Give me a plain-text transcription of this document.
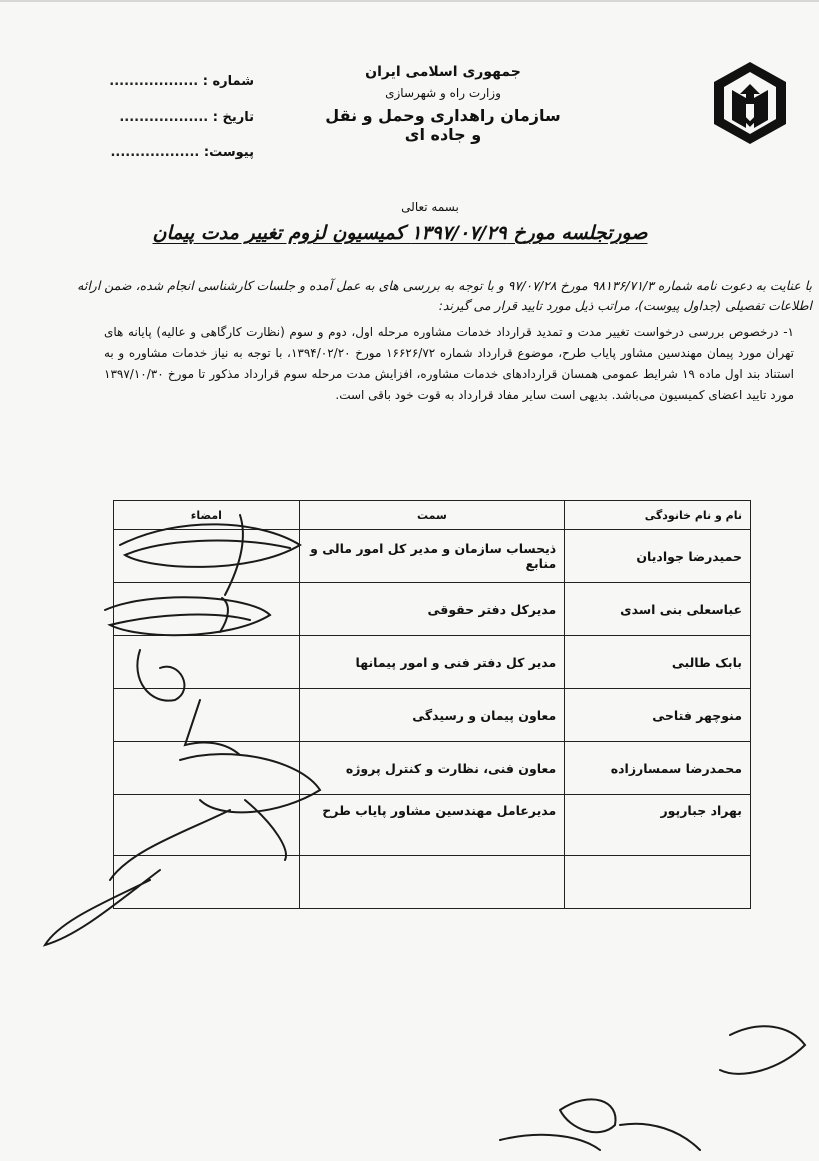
جمهوری اسلامی ایران
وزارت راه و شهرسازی
سازمان راهداری وحمل و نقل و جاده ای
شماره : ..................
تاریخ : ..................
پیوست: ..................
بسمه تعالی
صورتجلسه مورخ ۱۳۹۷/۰۷/۲۹ کمیسیون لزوم تغییر مدت پیمان
با عنایت به دعوت نامه شماره ۹۸۱۳۶/۷۱/۳ مورخ ۹۷/۰۷/۲۸ و با توجه به بررسی های به عمل آمده و جلسات کارشناسی انجام شده، ضمن ارائه اطلاعات تفصیلی (جداول پیوست)، مراتب ذیل مورد تایید قرار می گیرند:
۱- درخصوص بررسی درخواست تغییر مدت و تمدید قرارداد خدمات مشاوره مرحله اول، دوم و سوم (نظارت کارگاهی و عالیه) پایانه های تهران مورد پیمان مهندسین مشاور پایاب طرح، موضوع قرارداد شماره ۱۶۶۲۶/۷۲ مورخ ۱۳۹۴/۰۲/۲۰، با توجه به نیاز خدمات مشاوره و به استناد بند اول ماده ۱۹ شرایط عمومی همسان قراردادهای خدمات مشاوره، افزایش مدت مرحله سوم قرارداد مذکور تا مورخ ۱۳۹۷/۱۰/۳۰ مورد تایید اعضای کمیسیون می‌باشد. بدیهی است سایر مفاد قرارداد به قوت خود باقی است.
نام و نام خانودگی	سمت	امضاء
حمیدرضا جوادیان	ذیحساب سازمان و مدیر کل امور مالی و منابع	
عباسعلی بنی اسدی	مدیرکل دفتر حقوقی	
بابک طالبی	مدیر کل دفتر فنی و امور پیمانها	
منوچهر فتاحی	معاون پیمان و رسیدگی	
محمدرضا سمسارزاده	معاون فنی، نظارت و کنترل پروژه	
بهراد جبارپور	مدیرعامل مهندسین مشاور پایاب طرح	
